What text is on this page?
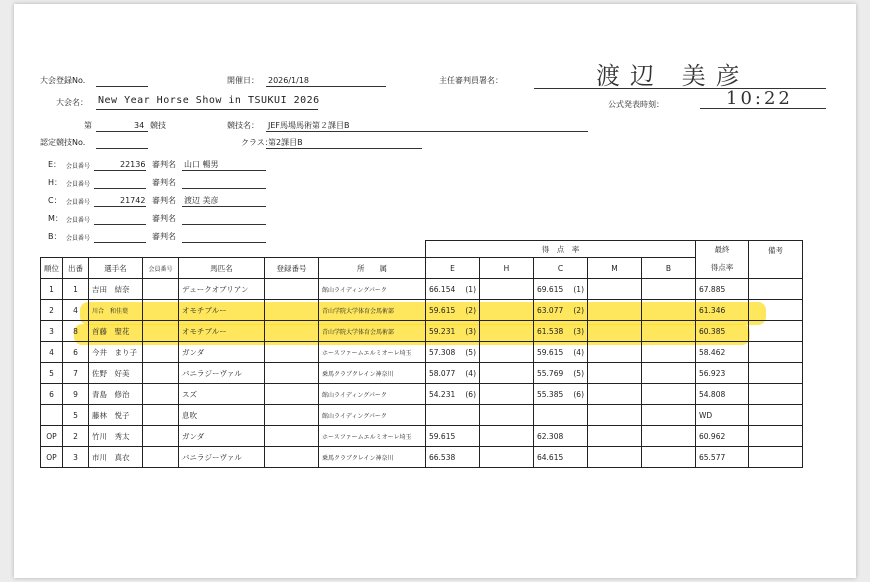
大会登録No.	開催日： 2026/1/18	主任審判員署名：	渡辺 美彦
大会名： New Year Horse Show in TSUKUI 2026	公式発表時刻：	10:22
第	34 競技	競技名： JEF馬場馬術第２課目B
認定競技No.	クラス：
第2課目B
E： 会員番号	22136 審判名 山口 暢男
H： 会員番号	審判名
C： 会員番号	21742 審判名 渡辺 美彦
M： 会員番号	審判名
B： 会員番号	審判名
							得　点　率					最終	備考
順位	出番	選手名	会員番号	馬匹名	登録番号	所　　属	E	H	C	M	B	得点率	
1	1	吉田　結奈		デュークオブリアン		館山ライディングパーク	66.154 (1)		69.615 (1)			67.885	
2	4	川合　和佳葉		オモチブルー		青山学院大学体育会馬術部	59.615 (2)		63.077 (2)			61.346	
3	8	首藤　聖花		オモチブルー		青山学院大学体育会馬術部	59.231 (3)		61.538 (3)			60.385	
4	6	今井　まり子		ガンダ		ホースファームエルミオーレ埼玉	57.308 (5)		59.615 (4)			58.462	
5	7	佐野　好美		バニラジーヴァル		乗馬クラブクレイン神奈川	58.077 (4)		55.769 (5)			56.923	
6	9	青島　修治		スズ		館山ライディングパーク	54.231 (6)		55.385 (6)			54.808	
	5	藤林　悦子		息吹		館山ライディングパーク						WD	
OP	2	竹川　秀太		ガンダ		ホースファームエルミオーレ埼玉	59.615		62.308			60.962	
OP	3	市川　真衣		バニラジーヴァル		乗馬クラブクレイン神奈川	66.538		64.615			65.577	
